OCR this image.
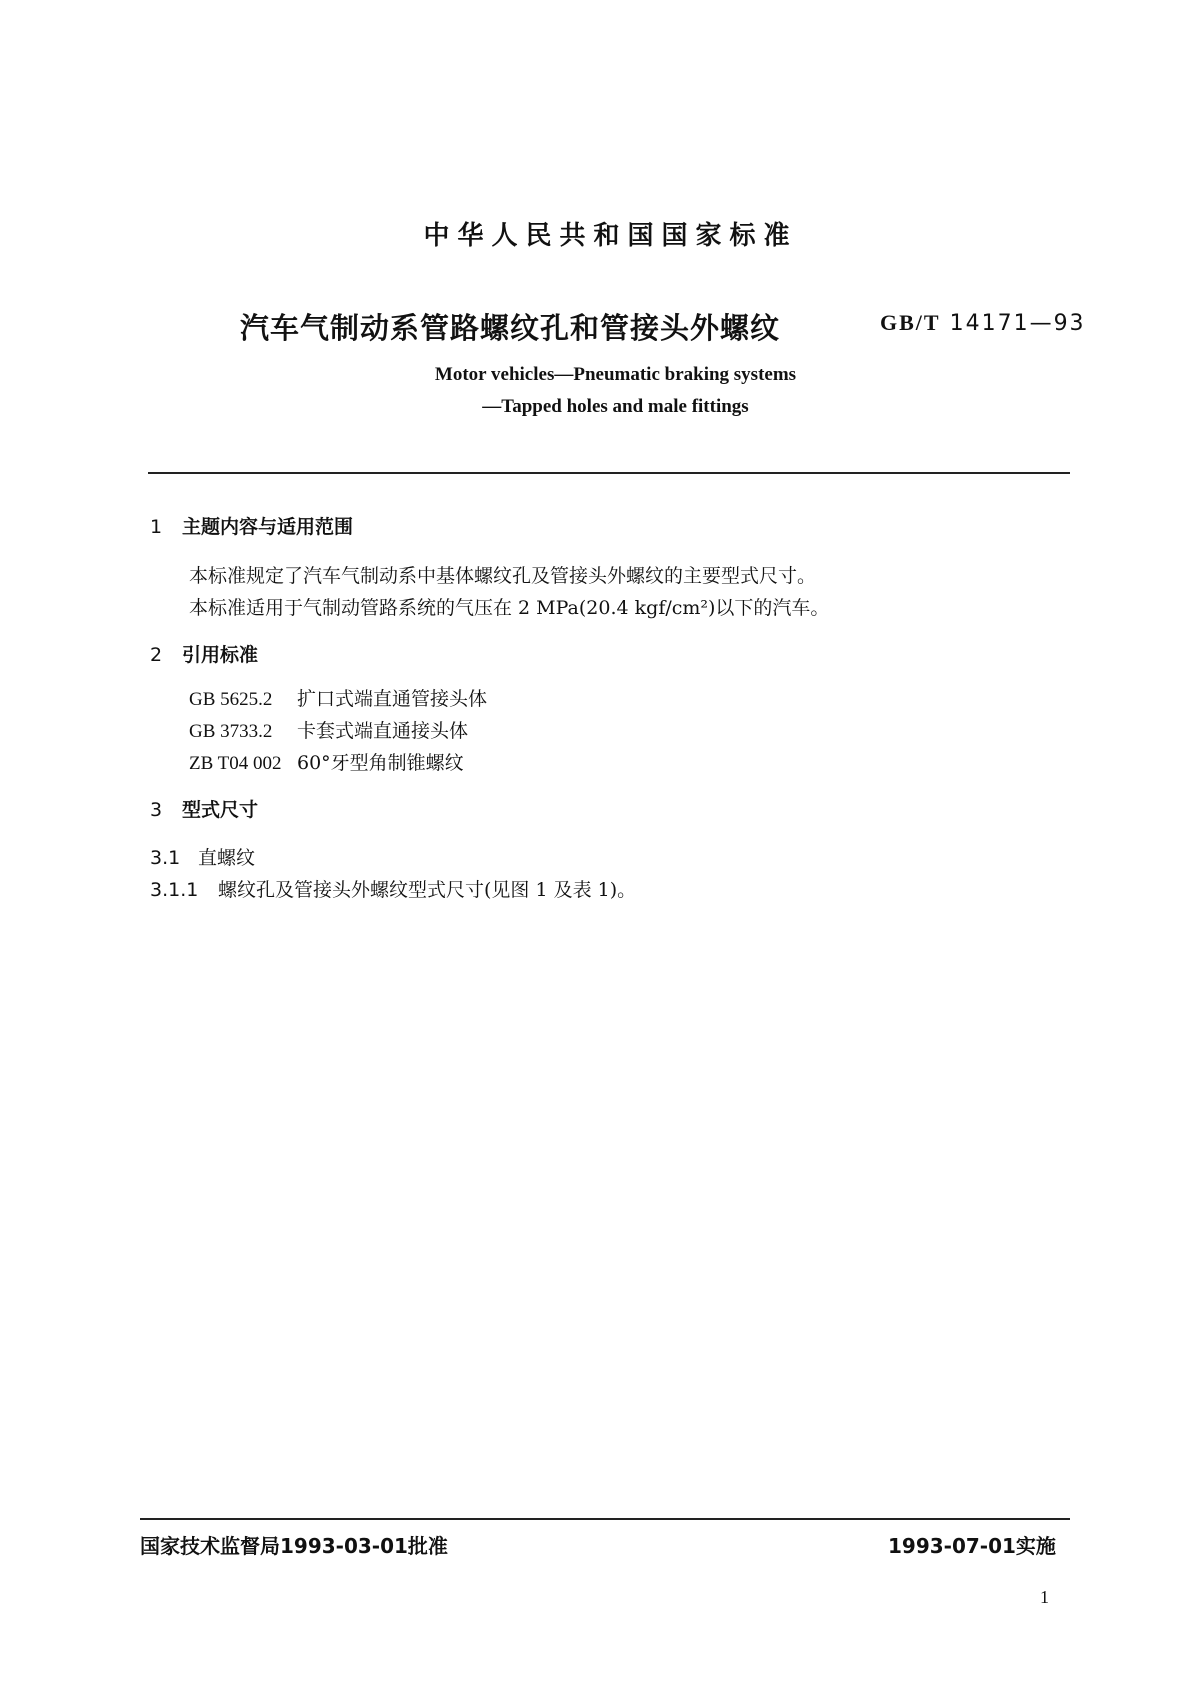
中华人民共和国国家标准
汽车气制动系管路螺纹孔和管接头外螺纹	GB/T 14171—93
Motor vehicles—Pneumatic braking systems
—Tapped holes and male fittings
1 主题内容与适用范围
本标准规定了汽车气制动系中基体螺纹孔及管接头外螺纹的主要型式尺寸。
本标准适用于气制动管路系统的气压在 2 MPa(20.4 kgf/cm²)以下的汽车。
2 引用标准
GB 5625.2 扩口式端直通管接头体
GB 3733.2 卡套式端直通接头体
ZB T04 002 60°牙型角制锥螺纹
3 型式尺寸
3.1 直螺纹
3.1.1 螺纹孔及管接头外螺纹型式尺寸(见图 1 及表 1)。
国家技术监督局1993-03-01批准	1993-07-01实施
1
